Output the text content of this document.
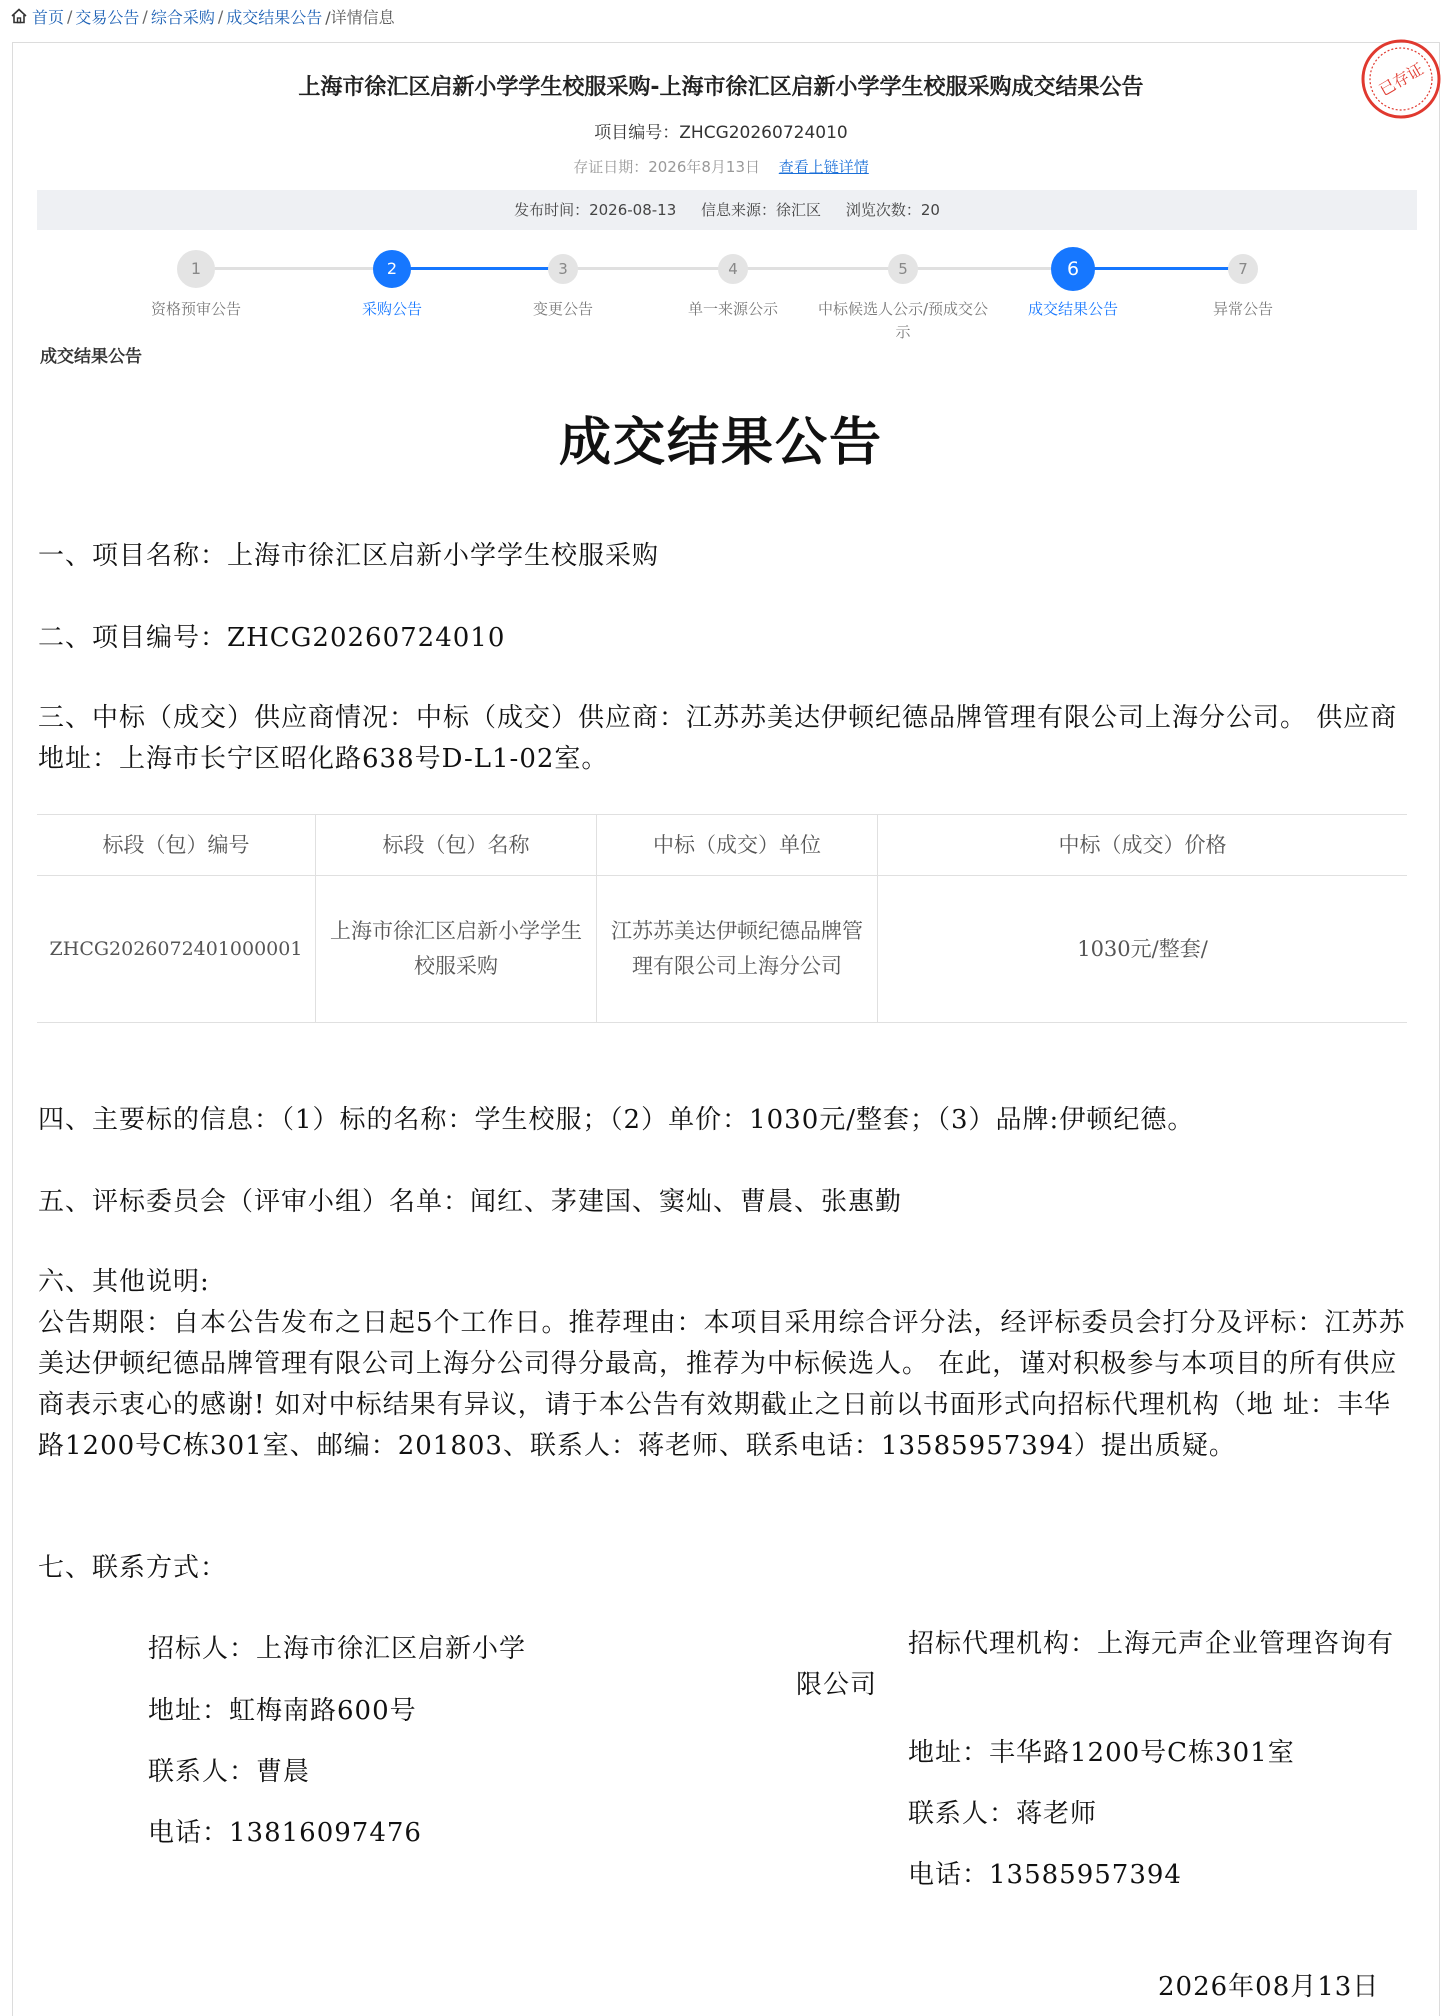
首页 / 交易公告 / 综合采购 / 成交结果公告 /详情信息
已存证
上海市徐汇区启新小学学生校服采购-上海市徐汇区启新小学学生校服采购成交结果公告
项目编号：ZHCG20260724010
存证日期：2026年8月13日 查看上链详情
发布时间：2026-08-13 信息来源：徐汇区 浏览次数：20
1	2	3	4	5	6	7
资格预审公告	采购公告	变更公告	单一来源公示	中标候选人公示/预成交公示
成交结果公告	异常公告
成交结果公告
成交结果公告
一、项目名称：上海市徐汇区启新小学学生校服采购
二、项目编号：ZHCG20260724010
三、中标（成交）供应商情况：中标（成交）供应商：江苏苏美达伊顿纪德品牌管理有限公司上海分公司。 供应商地址：上海市长宁区昭化路638号D-L1-02室。
标段（包）编号	标段（包）名称	中标（成交）单位	中标（成交）价格
ZHCG2026072401000001	上海市徐汇区启新小学学生校服采购	江苏苏美达伊顿纪德品牌管理有限公司上海分公司	1030元/整套/
四、主要标的信息：（1）标的名称：学生校服；（2）单价：1030元/整套；（3）品牌:伊顿纪德。
五、评标委员会（评审小组）名单：闻红、茅建国、窦灿、曹晨、张惠勤
六、其他说明:
公告期限：自本公告发布之日起5个工作日。推荐理由：本项目采用综合评分法，经评标委员会打分及评标：江苏苏美达伊顿纪德品牌管理有限公司上海分公司得分最高，推荐为中标候选人。 在此，谨对积极参与本项目的所有供应商表示衷心的感谢! 如对中标结果有异议，请于本公告有效期截止之日前以书面形式向招标代理机构（地 址：丰华路1200号C栋301室、邮编：201803、联系人：蒋老师、联系电话：13585957394）提出质疑。
七、联系方式：
招标人：上海市徐汇区启新小学
地址：虹梅南路600号
联系人：曹晨
电话：13816097476
招标代理机构：上海元声企业管理咨询有限公司
地址：丰华路1200号C栋301室
联系人：蒋老师
电话：13585957394
2026年08月13日
